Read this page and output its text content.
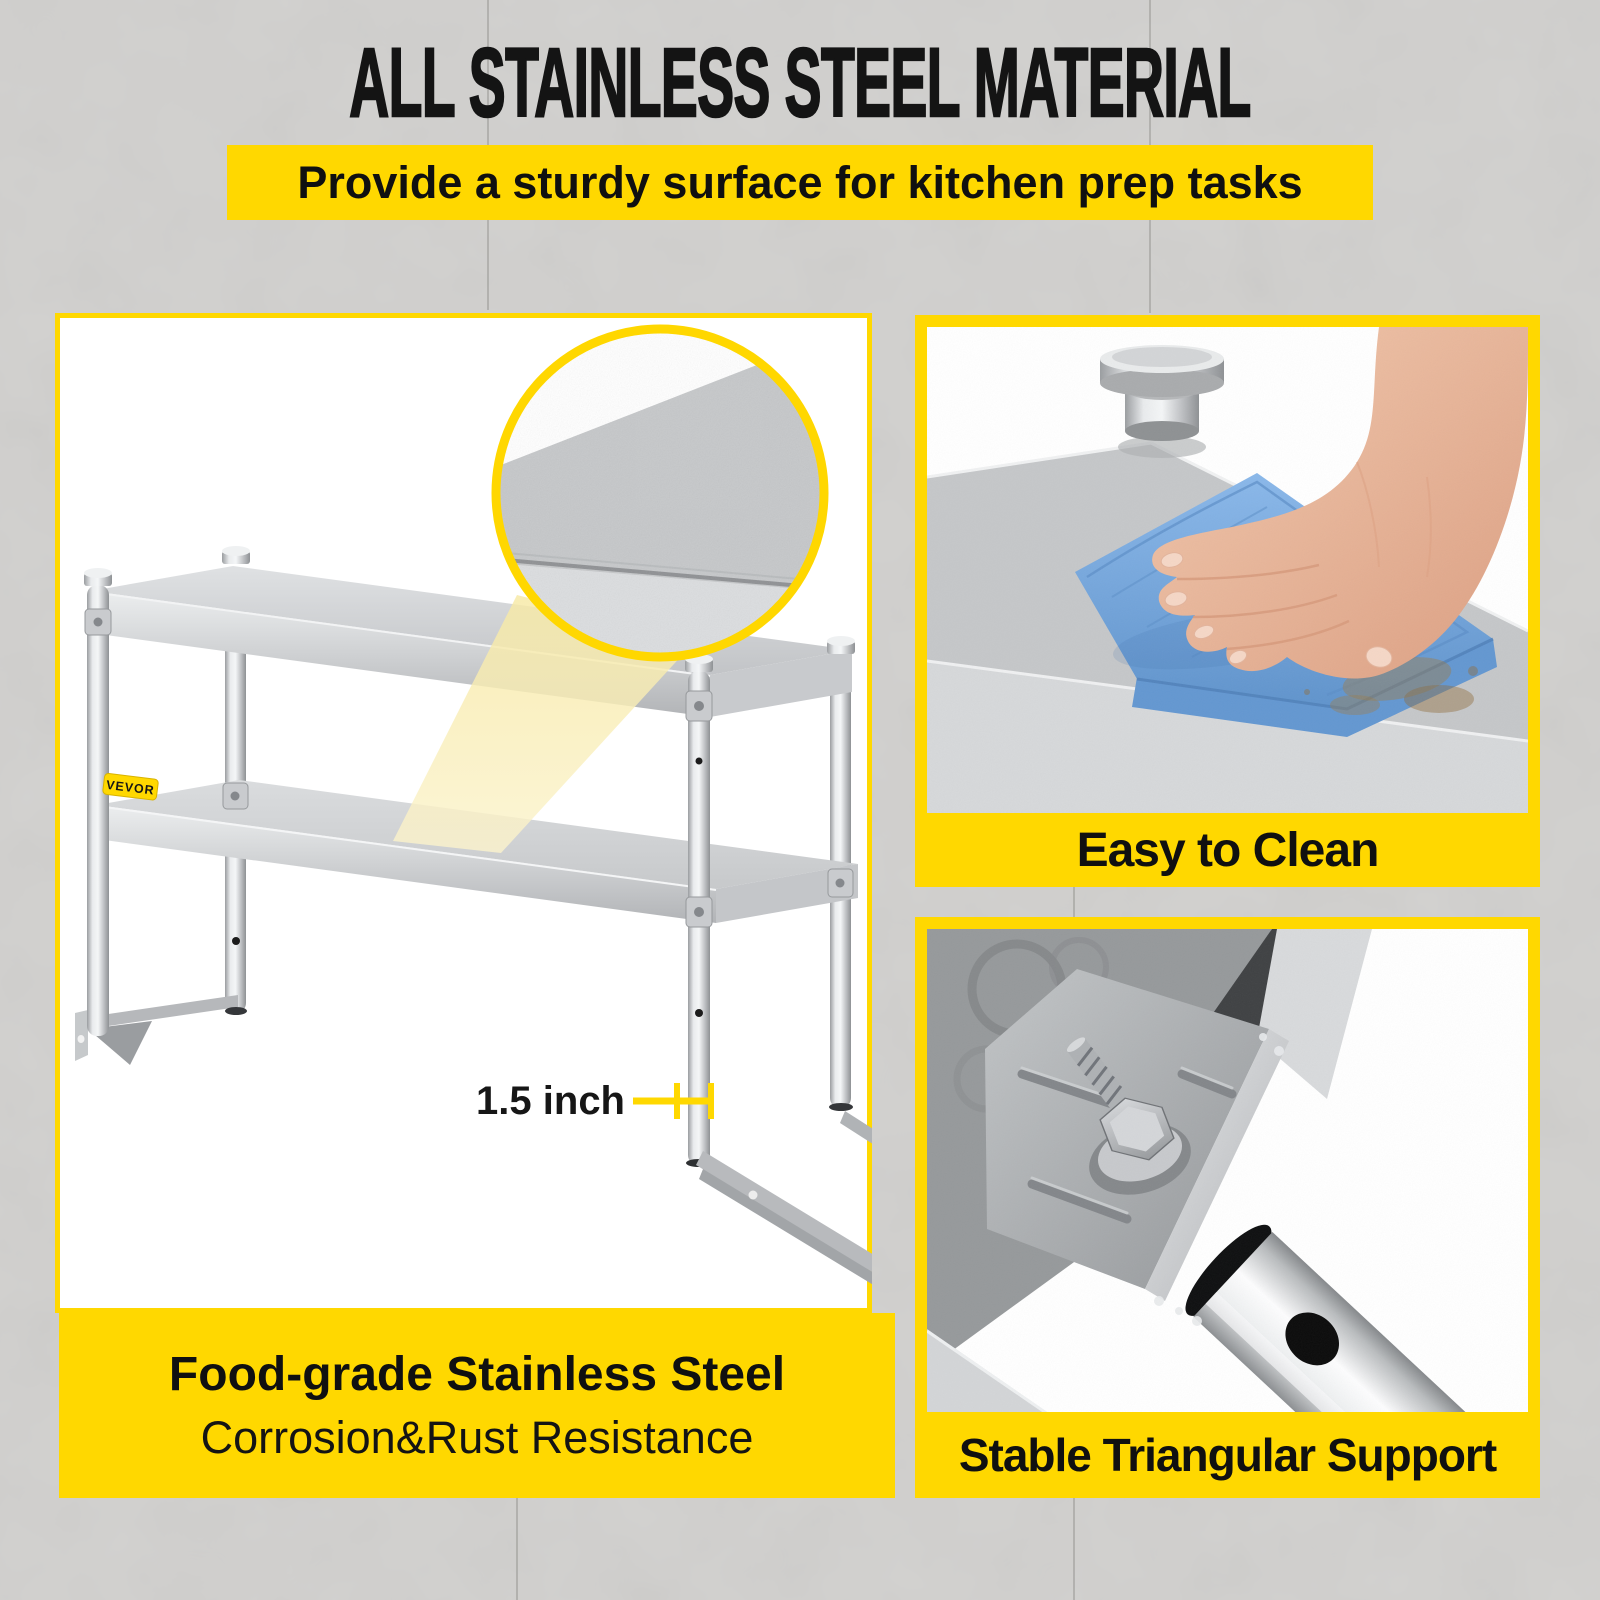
ALL STAINLESS STEEL MATERIAL
Provide a sturdy surface for kitchen prep tasks
VEVOR
1.5 inch
Food-grade Stainless Steel
Corrosion&Rust Resistance
Easy to Clean
Stable Triangular Support
